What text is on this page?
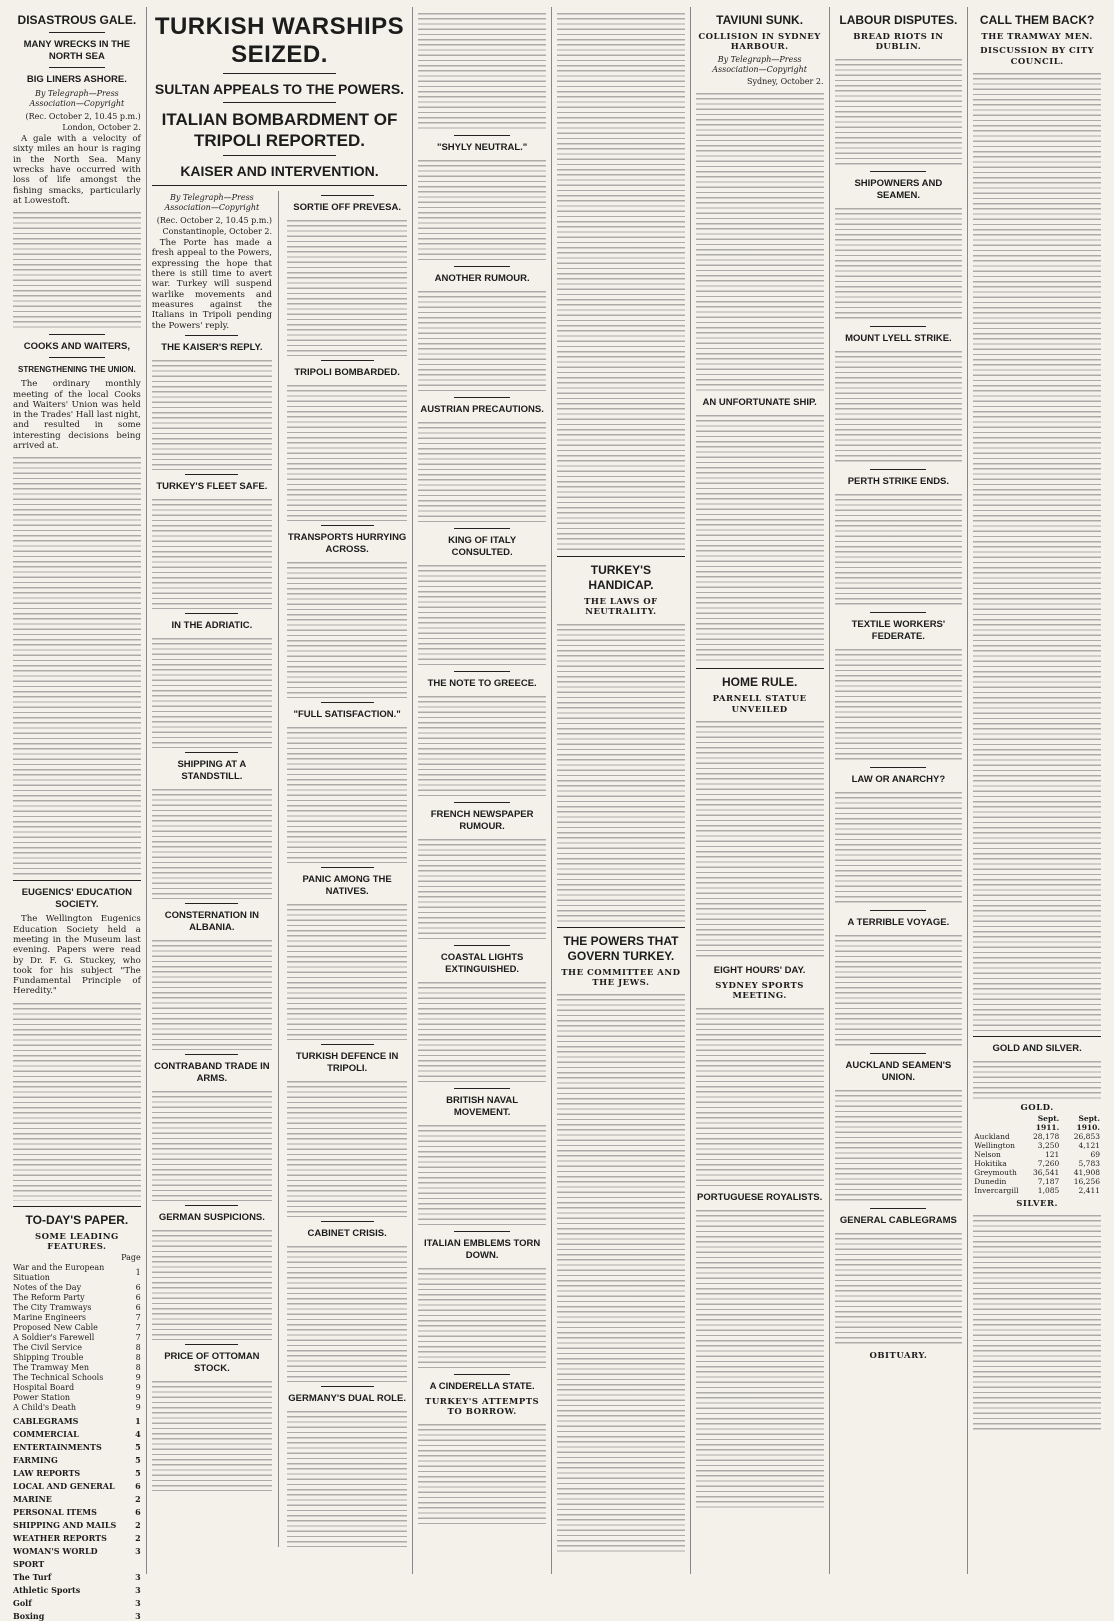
DISASTROUS GALE.
MANY WRECKS IN THE NORTH SEA
BIG LINERS ASHORE.
By Telegraph—Press Association—Copyright
(Rec. October 2, 10.45 p.m.)
London, October 2.

A gale with a velocity of sixty miles an hour is raging in the North Sea. Many wrecks have occurred with loss of life amongst the fishing smacks, particularly at Lowestoft.

COOKS AND WAITERS,
STRENGTHENING THE UNION.

The ordinary monthly meeting of the local Cooks and Waiters' Union was held in the Trades' Hall last night, and resulted in some interesting decisions being arrived at.

EUGENICS' EDUCATION SOCIETY.

The Wellington Eugenics Education Society held a meeting in the Museum last evening. Papers were read by Dr. F. G. Stuckey, who took for his subject "The Fundamental Principle of Heredity."

TO-DAY'S PAPER.
SOME LEADING FEATURES.
	Page
War and the European Situation	1
Notes of the Day	6
The Reform Party	6
The City Tramways	6
Marine Engineers	7
Proposed New Cable	7
A Soldier's Farewell	7
The Civil Service	8
Shipping Trouble	8
The Tramway Men	8
The Technical Schools	9
Hospital Board	9
Power Station	9
A Child's Death	9
CABLEGRAMS	1
COMMERCIAL	4
ENTERTAINMENTS	5
FARMING	5
LAW REPORTS	5
LOCAL AND GENERAL	6
MARINE	2
PERSONAL ITEMS	6
SHIPPING AND MAILS	2
WEATHER REPORTS	2
WOMAN'S WORLD	3
SPORT	
The Turf	3
Athletic Sports	3
Golf	3
Boxing	3
TURKISH WARSHIPS SEIZED.
SULTAN APPEALS TO THE POWERS.
ITALIAN BOMBARDMENT OF TRIPOLI REPORTED.
KAISER AND INTERVENTION.
By Telegraph—Press Association—Copyright
(Rec. October 2, 10.45 p.m.)
Constantinople, October 2.

The Porte has made a fresh appeal to the Powers, expressing the hope that there is still time to avert war. Turkey will suspend warlike movements and measures against the Italians in Tripoli pending the Powers' reply.

THE KAISER'S REPLY.
TURKEY'S FLEET SAFE.
IN THE ADRIATIC.
SHIPPING AT A STANDSTILL.
CONSTERNATION IN ALBANIA.
CONTRABAND TRADE IN ARMS.
GERMAN SUSPICIONS.
PRICE OF OTTOMAN STOCK.
SORTIE OFF PREVESA.
TRIPOLI BOMBARDED.
TRANSPORTS HURRYING ACROSS.
"FULL SATISFACTION."
PANIC AMONG THE NATIVES.
TURKISH DEFENCE IN TRIPOLI.
CABINET CRISIS.
GERMANY'S DUAL ROLE.
"SHYLY NEUTRAL."
ANOTHER RUMOUR.
AUSTRIAN PRECAUTIONS.
KING OF ITALY CONSULTED.
THE NOTE TO GREECE.
FRENCH NEWSPAPER RUMOUR.
COASTAL LIGHTS EXTINGUISHED.
BRITISH NAVAL MOVEMENT.
ITALIAN EMBLEMS TORN DOWN.
A CINDERELLA STATE.
TURKEY'S ATTEMPTS TO BORROW.
TURKEY'S HANDICAP.
THE LAWS OF NEUTRALITY.
THE POWERS THAT GOVERN TURKEY.
THE COMMITTEE AND THE JEWS.
TAVIUNI SUNK.
COLLISION IN SYDNEY HARBOUR.
By Telegraph—Press Association—Copyright
Sydney, October 2.
AN UNFORTUNATE SHIP.
HOME RULE.
PARNELL STATUE UNVEILED
EIGHT HOURS' DAY.
SYDNEY SPORTS MEETING.
PORTUGUESE ROYALISTS.
LABOUR DISPUTES.
BREAD RIOTS IN DUBLIN.
SHIPOWNERS AND SEAMEN.
MOUNT LYELL STRIKE.
PERTH STRIKE ENDS.
TEXTILE WORKERS' FEDERATE.
LAW OR ANARCHY?
A TERRIBLE VOYAGE.
AUCKLAND SEAMEN'S UNION.
GENERAL CABLEGRAMS
OBITUARY.
CALL THEM BACK?
THE TRAMWAY MEN.
DISCUSSION BY CITY COUNCIL.
GOLD AND SILVER.
GOLD.
	Sept. 1911.	Sept. 1910.
Auckland	28,178	26,853
Wellington	3,250	4,121
Nelson	121	69
Hokitika	7,260	5,783
Greymouth	36,541	41,908
Dunedin	7,187	16,256
Invercargill	1,085	2,411
SILVER.
